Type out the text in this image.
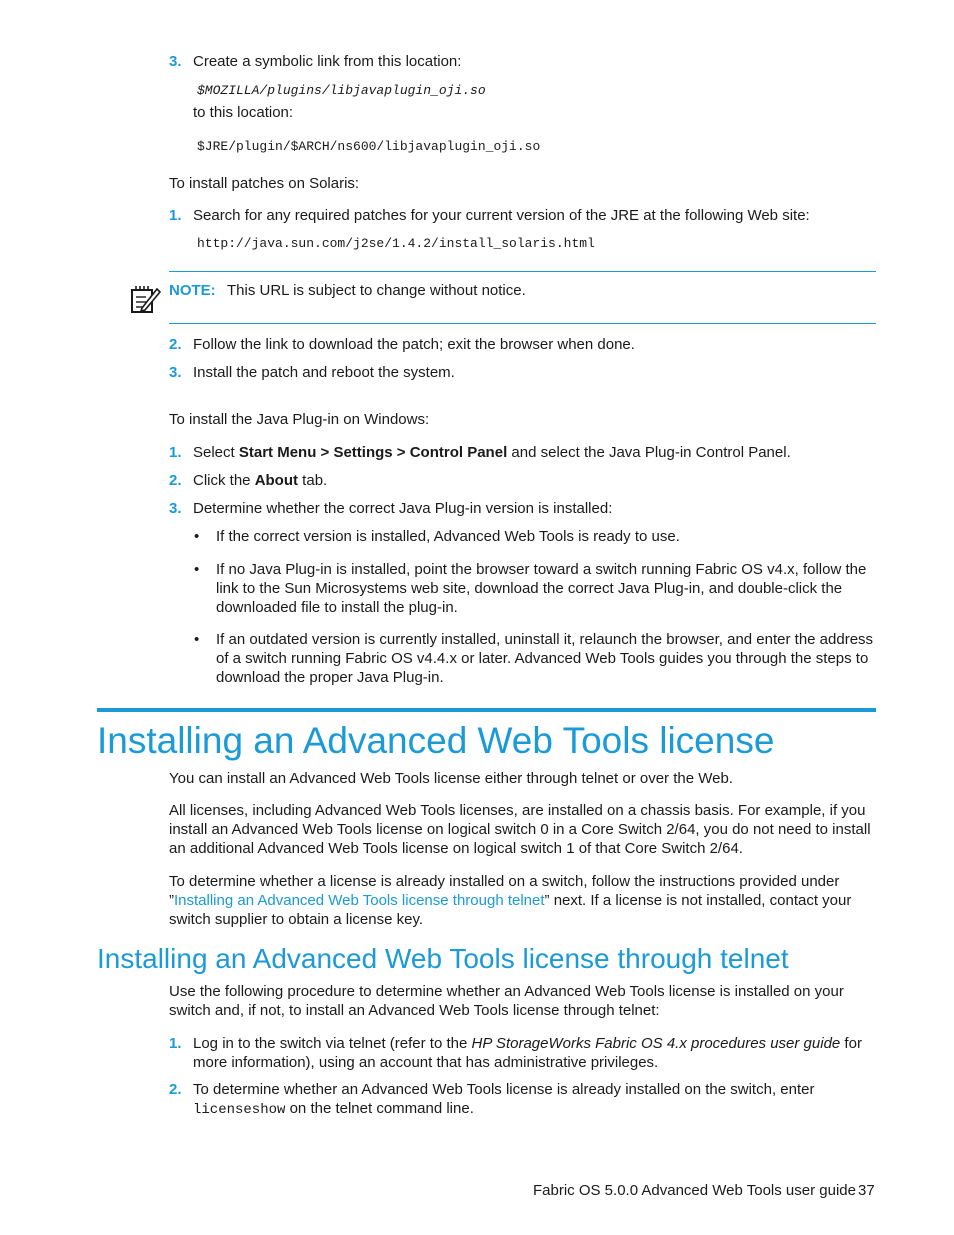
3. Create a symbolic link from this location:
$MOZILLA/plugins/libjavaplugin_oji.so
to this location:
$JRE/plugin/$ARCH/ns600/libjavaplugin_oji.so
To install patches on Solaris:
1. Search for any required patches for your current version of the JRE at the following Web site:
http://java.sun.com/j2se/1.4.2/install_solaris.html
NOTE: This URL is subject to change without notice.
2. Follow the link to download the patch; exit the browser when done.
3. Install the patch and reboot the system.
To install the Java Plug-in on Windows:
1. Select Start Menu > Settings > Control Panel and select the Java Plug-in Control Panel.
2. Click the About tab.
3. Determine whether the correct Java Plug-in version is installed:
• If the correct version is installed, Advanced Web Tools is ready to use.
• If no Java Plug-in is installed, point the browser toward a switch running Fabric OS v4.x, follow the link to the Sun Microsystems web site, download the correct Java Plug-in, and double-click the downloaded file to install the plug-in.
• If an outdated version is currently installed, uninstall it, relaunch the browser, and enter the address of a switch running Fabric OS v4.4.x or later. Advanced Web Tools guides you through the steps to download the proper Java Plug-in.
Installing an Advanced Web Tools license
You can install an Advanced Web Tools license either through telnet or over the Web.
All licenses, including Advanced Web Tools licenses, are installed on a chassis basis. For example, if you install an Advanced Web Tools license on logical switch 0 in a Core Switch 2/64, you do not need to install an additional Advanced Web Tools license on logical switch 1 of that Core Switch 2/64.
To determine whether a license is already installed on a switch, follow the instructions provided under ”Installing an Advanced Web Tools license through telnet” next. If a license is not installed, contact your switch supplier to obtain a license key.
Installing an Advanced Web Tools license through telnet
Use the following procedure to determine whether an Advanced Web Tools license is installed on your switch and, if not, to install an Advanced Web Tools license through telnet:
1. Log in to the switch via telnet (refer to the HP StorageWorks Fabric OS 4.x procedures user guide for more information), using an account that has administrative privileges.
2. To determine whether an Advanced Web Tools license is already installed on the switch, enter licenseshow on the telnet command line.
Fabric OS 5.0.0 Advanced Web Tools user guide 37
